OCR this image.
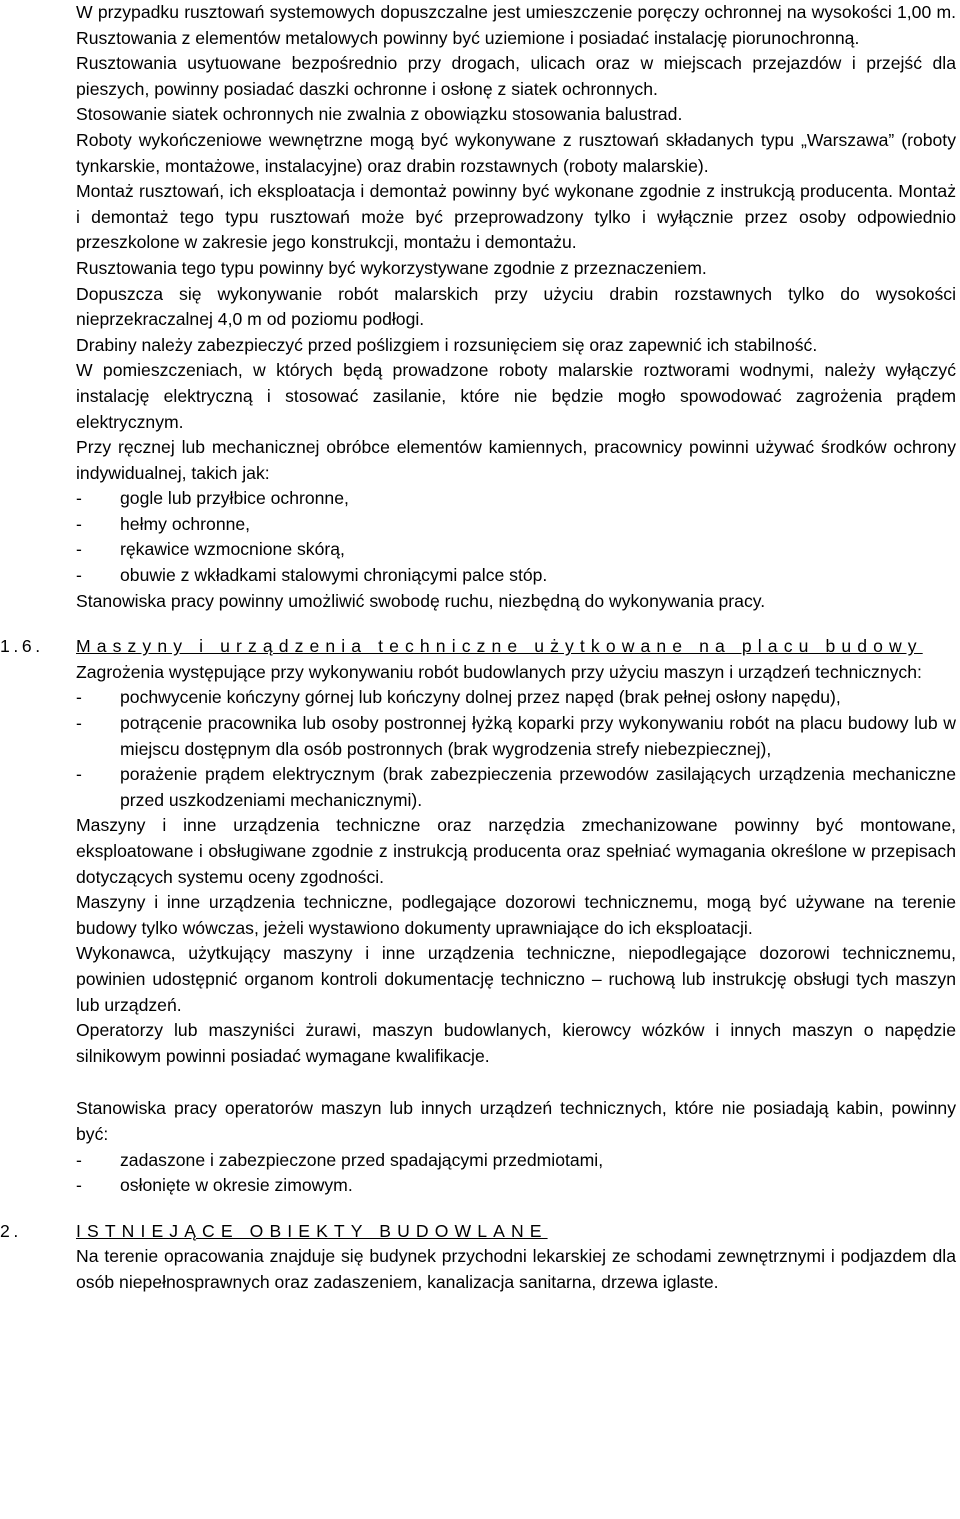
W przypadku rusztowań systemowych dopuszczalne jest umieszczenie poręczy ochronnej na wysokości 1,00 m. Rusztowania z elementów metalowych powinny być uziemione i posiadać instalację piorunochronną.

Rusztowania usytuowane bezpośrednio przy drogach, ulicach oraz w miejscach przejazdów i przejść dla pieszych, powinny posiadać daszki ochronne i osłonę z siatek ochronnych.

Stosowanie siatek ochronnych nie zwalnia z obowiązku stosowania balustrad.

Roboty wykończeniowe wewnętrzne mogą być wykonywane z rusztowań składanych typu „Warszawa” (roboty tynkarskie, montażowe, instalacyjne) oraz drabin rozstawnych (roboty malarskie).

Montaż rusztowań, ich eksploatacja i demontaż powinny być wykonane zgodnie z instrukcją producenta. Montaż i demontaż tego typu rusztowań może być przeprowadzony tylko i wyłącznie przez osoby odpowiednio przeszkolone w zakresie jego konstrukcji, montażu i demontażu.

Rusztowania tego typu powinny być wykorzystywane zgodnie z przeznaczeniem.

Dopuszcza się wykonywanie robót malarskich przy użyciu drabin rozstawnych tylko do wysokości nieprzekraczalnej 4,0 m od poziomu podłogi.

Drabiny należy zabezpieczyć przed poślizgiem i rozsunięciem się oraz zapewnić ich stabilność.

W pomieszczeniach, w których będą prowadzone roboty malarskie roztworami wodnymi, należy wyłączyć instalację elektryczną i stosować zasilanie, które nie będzie mogło spowodować zagrożenia prądem elektrycznym.

Przy ręcznej lub mechanicznej obróbce elementów kamiennych, pracownicy powinni używać środków ochrony indywidualnej, takich jak:

- gogle lub przyłbice ochronne,
- hełmy ochronne,
- rękawice wzmocnione skórą,
- obuwie z wkładkami stalowymi chroniącymi palce stóp.

Stanowiska pracy powinny umożliwić swobodę ruchu, niezbędną do wykonywania pracy.

1.6. Maszyny i urządzenia techniczne użytkowane na placu budowy

Zagrożenia występujące przy wykonywaniu robót budowlanych przy użyciu maszyn i urządzeń technicznych:

- pochwycenie kończyny górnej lub kończyny dolnej przez napęd (brak pełnej osłony napędu),
- potrącenie pracownika lub osoby postronnej łyżką koparki przy wykonywaniu robót na placu budowy lub w miejscu dostępnym dla osób postronnych (brak wygrodzenia strefy niebezpiecznej),
- porażenie prądem elektrycznym (brak zabezpieczenia przewodów zasilających urządzenia mechaniczne przed uszkodzeniami mechanicznymi).

Maszyny i inne urządzenia techniczne oraz narzędzia zmechanizowane powinny być montowane, eksploatowane i obsługiwane zgodnie z instrukcją producenta oraz spełniać wymagania określone w przepisach dotyczących systemu oceny zgodności.

Maszyny i inne urządzenia techniczne, podlegające dozorowi technicznemu, mogą być używane na terenie budowy tylko wówczas, jeżeli wystawiono dokumenty uprawniające do ich eksploatacji.

Wykonawca, użytkujący maszyny i inne urządzenia techniczne, niepodlegające dozorowi technicznemu, powinien udostępnić organom kontroli dokumentację techniczno – ruchową lub instrukcję obsługi tych maszyn lub urządzeń.

Operatorzy lub maszyniści żurawi, maszyn budowlanych, kierowcy wózków i innych maszyn o napędzie silnikowym powinni posiadać wymagane kwalifikacje.

Stanowiska pracy operatorów maszyn lub innych urządzeń technicznych, które nie posiadają kabin, powinny być:

- zadaszone i zabezpieczone przed spadającymi przedmiotami,
- osłonięte w okresie zimowym.
2.	ISTNIEJĄCE OBIEKTY BUDOWLANE

Na terenie opracowania znajduje się budynek przychodni lekarskiej ze schodami zewnętrznymi i podjazdem dla osób niepełnosprawnych oraz zadaszeniem, kanalizacja sanitarna, drzewa iglaste.
